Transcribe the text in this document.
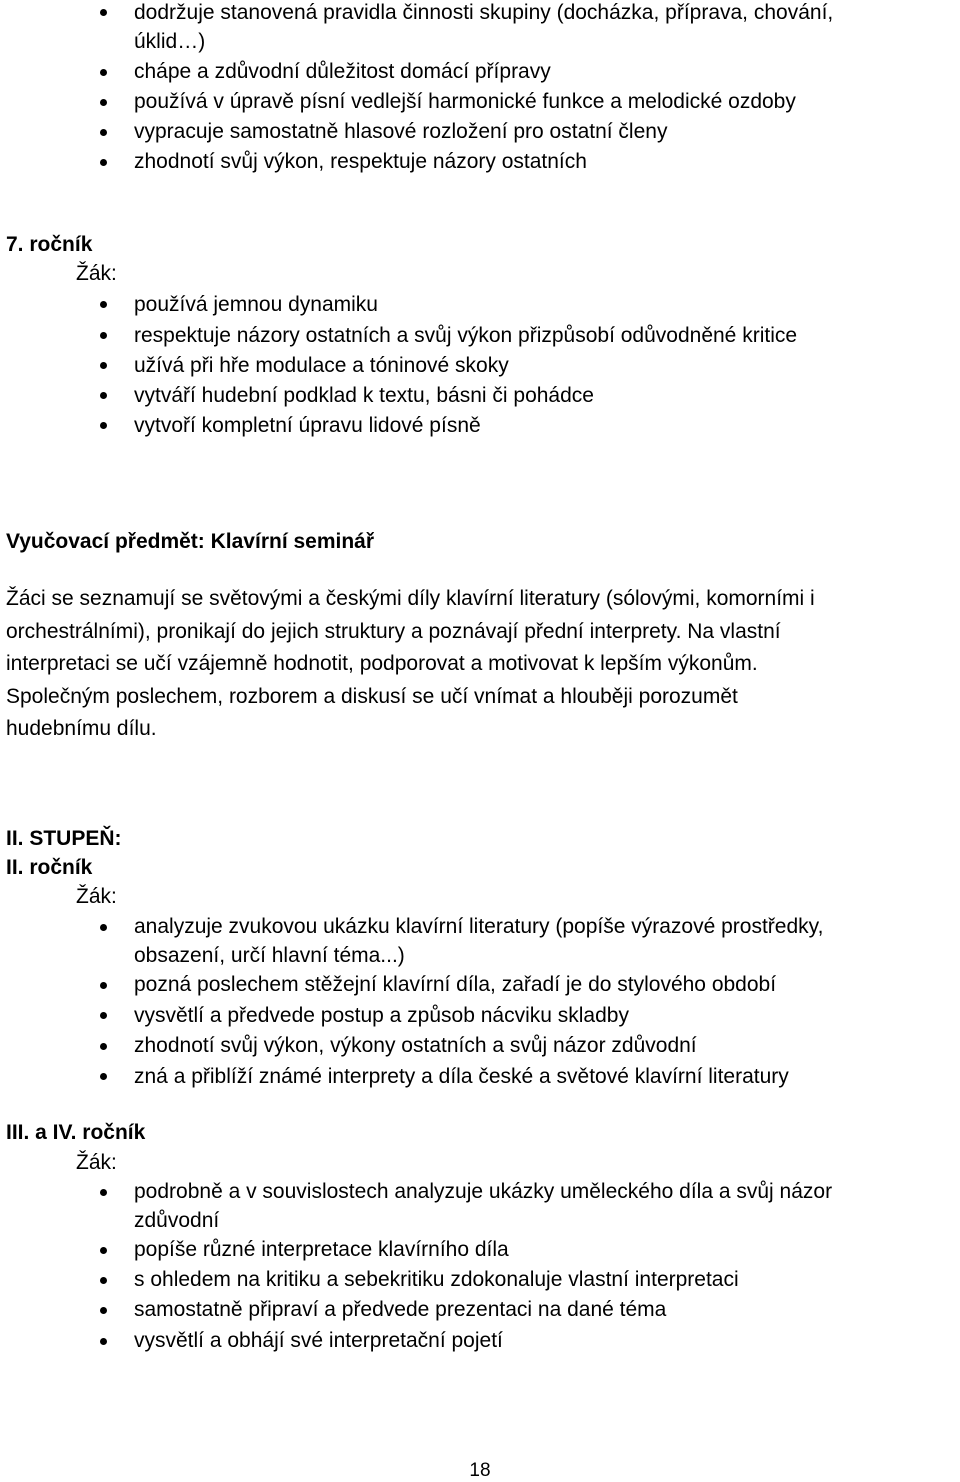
dodržuje stanovená pravidla činnosti skupiny (docházka, příprava, chování,
úklid…)
chápe a zdůvodní důležitost domácí přípravy
používá v úpravě písní vedlejší harmonické funkce a melodické ozdoby
vypracuje samostatně hlasové rozložení pro ostatní členy
zhodnotí svůj výkon, respektuje názory ostatních
7. ročník
Žák:
používá jemnou dynamiku
respektuje názory ostatních a svůj výkon přizpůsobí odůvodněné kritice
užívá při hře modulace a tóninové skoky
vytváří hudební podklad k textu, básni či pohádce
vytvoří kompletní úpravu lidové písně
Vyučovací předmět: Klavírní seminář
Žáci se seznamují se světovými a českými díly klavírní literatury (sólovými, komorními i
orchestrálními), pronikají do jejich struktury a poznávají přední interprety. Na vlastní
interpretaci se učí vzájemně hodnotit, podporovat a motivovat k lepším výkonům.
Společným poslechem, rozborem a diskusí se učí vnímat a hlouběji porozumět
hudebnímu dílu.
II. STUPEŇ:
II. ročník
Žák:
analyzuje zvukovou ukázku klavírní literatury (popíše výrazové prostředky,
obsazení, určí hlavní téma...)
pozná poslechem stěžejní klavírní díla, zařadí je do stylového období
vysvětlí a předvede postup a způsob nácviku skladby
zhodnotí svůj výkon, výkony ostatních a svůj názor zdůvodní
zná a přiblíží známé interprety a díla české a světové klavírní literatury
III. a IV. ročník
Žák:
podrobně a v souvislostech analyzuje ukázky uměleckého díla a svůj názor
zdůvodní
popíše různé interpretace klavírního díla
s ohledem na kritiku a sebekritiku zdokonaluje vlastní interpretaci
samostatně připraví a předvede prezentaci na dané téma
vysvětlí a obhájí své interpretační pojetí
18
